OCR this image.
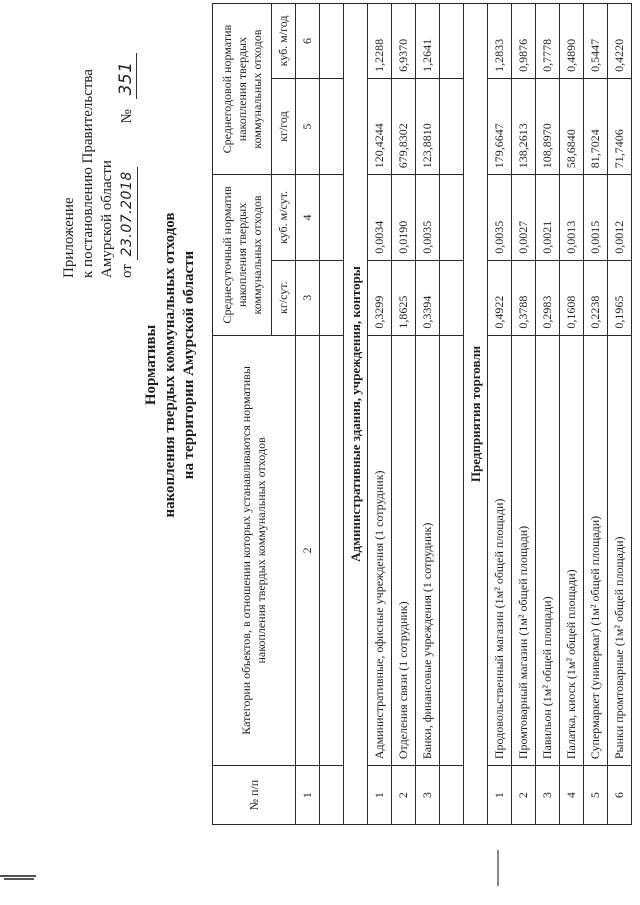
Приложение к постановлению Правительства Амурской области от 23.07.2018 № 351
Нормативы накопления твердых коммунальных отходов на территории Амурской области
№ п/п	Категории объектов, в отношении которых устанавливаются нормативы накопления твердых коммунальных отходов	Среднесуточный норматив накопления твердых коммунальных отходов		Среднегодовой норматив накопления твердых коммунальных отходов	
		кг/сут.	куб. м/сут.	кг/год	куб. м/год
1	2	3	4	5	6

Административные здания, учреждения, конторы					
1	Административные, офисные учреждения (1 сотрудник)	0,3299	0,0034	120,4244	1,2288
2	Отделения связи (1 сотрудник)	1,8625	0,0190	679,8302	6,9370
3	Банки, финансовые учреждения (1 сотрудник)	0,3394	0,0035	123,8810	1,2641

Предприятия торговли					
1	Продовольственный магазин (1м² общей площади)	0,4922	0,0035	179,6647	1,2833
2	Промтоварный магазин (1м² общей площади)	0,3788	0,0027	138,2613	0,9876
3	Павильон (1м² общей площади)	0,2983	0,0021	108,8970	0,7778
4	Палатка, киоск (1м² общей площади)	0,1608	0,0013	58,6840	0,4890
5	Супермаркет (универмаг) (1м² общей площади)	0,2238	0,0015	81,7024	0,5447
6	Рынки промтоварные (1м² общей площади)	0,1965	0,0012	71,7406	0,4220
